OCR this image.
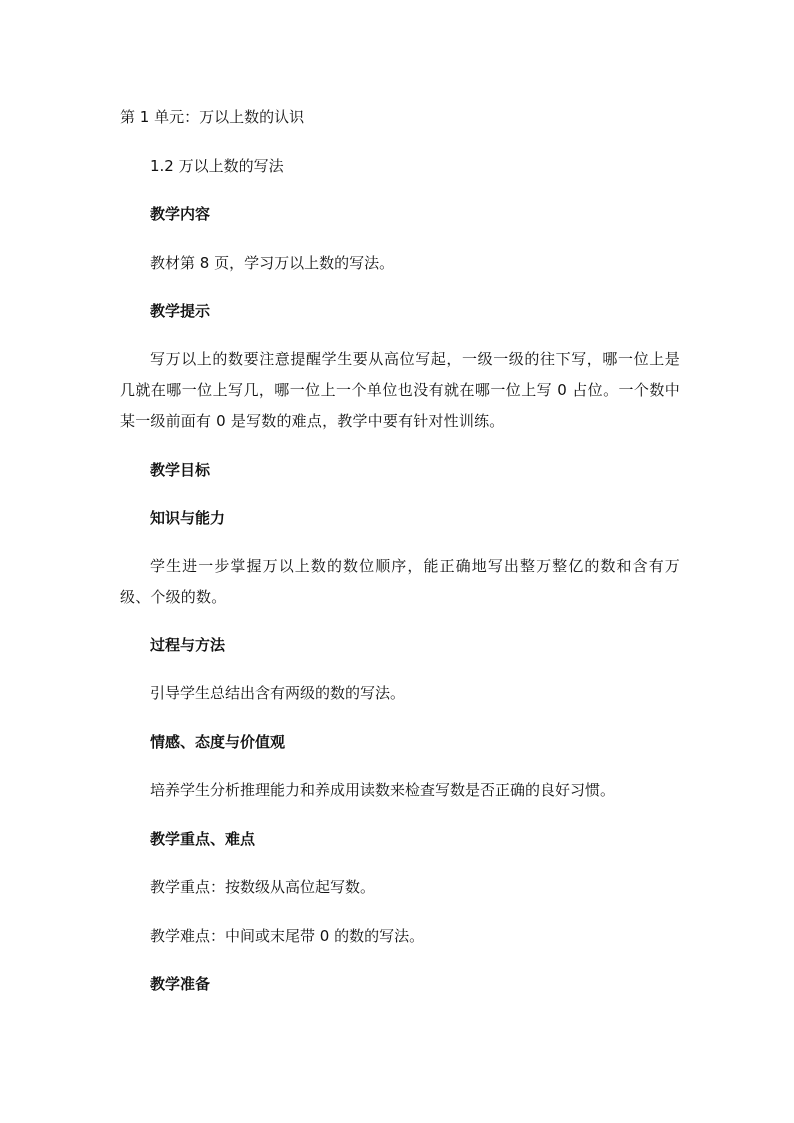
第 1 单元：万以上数的认识

1.2 万以上数的写法

教学内容

教材第 8 页，学习万以上数的写法。

教学提示

写万以上的数要注意提醒学生要从高位写起，一级一级的往下写，哪一位上是几就在哪一位上写几，哪一位上一个单位也没有就在哪一位上写 0 占位。一个数中某一级前面有 0 是写数的难点，教学中要有针对性训练。

教学目标

知识与能力

学生进一步掌握万以上数的数位顺序，能正确地写出整万整亿的数和含有万级、个级的数。

过程与方法

引导学生总结出含有两级的数的写法。

情感、态度与价值观

培养学生分析推理能力和养成用读数来检查写数是否正确的良好习惯。

教学重点、难点

教学重点：按数级从高位起写数。

教学难点：中间或末尾带 0 的数的写法。

教学准备
